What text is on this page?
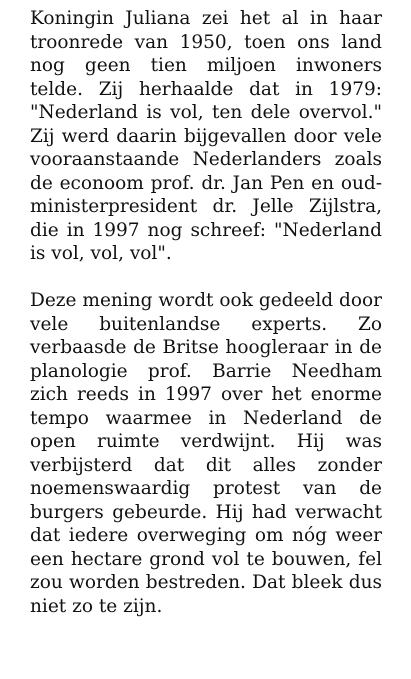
Koningin Juliana zei het al in haar troonrede van 1950, toen ons land nog geen tien miljoen inwoners telde. Zij herhaalde dat in 1979: "Nederland is vol, ten dele overvol." Zij werd daarin bijgevallen door vele vooraanstaande Nederlanders zoals de econoom prof. dr. Jan Pen en oud-ministerpresident dr. Jelle Zijlstra, die in 1997 nog schreef: "Nederland is vol, vol, vol".

Deze mening wordt ook gedeeld door vele buitenlandse experts. Zo verbaasde de Britse hoogleraar in de planologie prof. Barrie Needham zich reeds in 1997 over het enorme tempo waarmee in Nederland de open ruimte verdwijnt. Hij was verbijsterd dat dit alles zonder noemenswaardig protest van de burgers gebeurde. Hij had verwacht dat iedere overweging om nóg weer een hectare grond vol te bouwen, fel zou worden bestreden. Dat bleek dus niet zo te zijn.
